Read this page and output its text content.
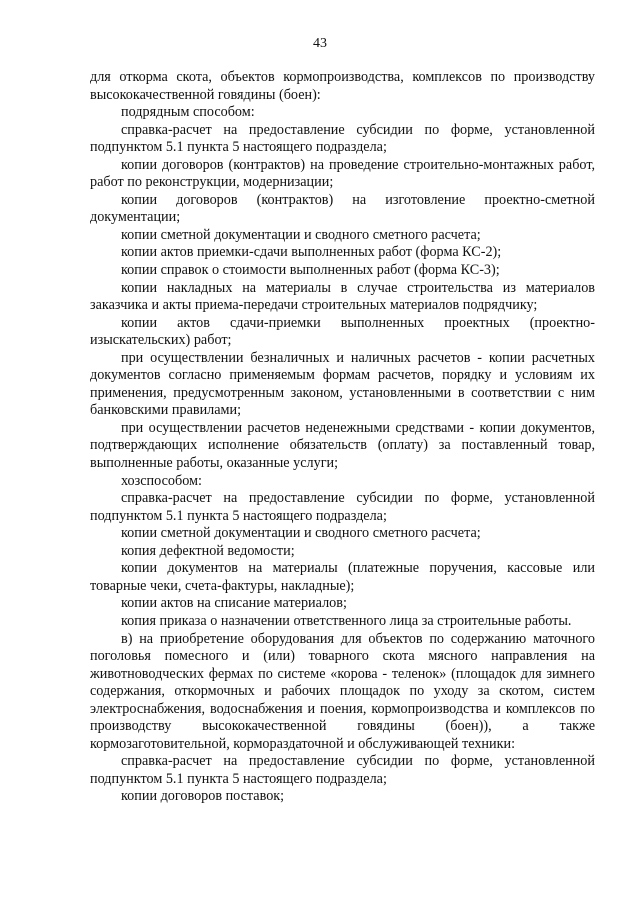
43

для откорма скота, объектов кормопроизводства, комплексов по производству высококачественной говядины (боен):

подрядным способом:

справка-расчет на предоставление субсидии по форме, установленной подпунктом 5.1 пункта 5 настоящего подраздела;

копии договоров (контрактов) на проведение строительно-монтажных работ, работ по реконструкции, модернизации;

копии договоров (контрактов) на изготовление проектно-сметной документации;

копии сметной документации и сводного сметного расчета;

копии актов приемки-сдачи выполненных работ (форма КС-2);

копии справок о стоимости выполненных работ (форма КС-3);

копии накладных на материалы в случае строительства из материалов заказчика и акты приема-передачи строительных материалов подрядчику;

копии актов сдачи-приемки выполненных проектных (проектно-изыскательских) работ;

при осуществлении безналичных и наличных расчетов - копии расчетных документов согласно применяемым формам расчетов, порядку и условиям их применения, предусмотренным законом, установленными в соответствии с ним банковскими правилами;

при осуществлении расчетов неденежными средствами - копии документов, подтверждающих исполнение обязательств (оплату) за поставленный товар, выполненные работы, оказанные услуги;

хозспособом:

справка-расчет на предоставление субсидии по форме, установленной подпунктом 5.1 пункта 5 настоящего подраздела;

копии сметной документации и сводного сметного расчета;

копия дефектной ведомости;

копии документов на материалы (платежные поручения, кассовые или товарные чеки, счета-фактуры, накладные);

копии актов на списание материалов;

копия приказа о назначении ответственного лица за строительные работы.

в) на приобретение оборудования для объектов по содержанию маточного поголовья помесного и (или) товарного скота мясного направления на животноводческих фермах по системе «корова - теленок» (площадок для зимнего содержания, откормочных и рабочих площадок по уходу за скотом, систем электроснабжения, водоснабжения и поения, кормопроизводства и комплексов по производству высококачественной говядины (боен)), а также кормозаготовительной, кормораздаточной и обслуживающей техники:

справка-расчет на предоставление субсидии по форме, установленной подпунктом 5.1 пункта 5 настоящего подраздела;

копии договоров поставок;
